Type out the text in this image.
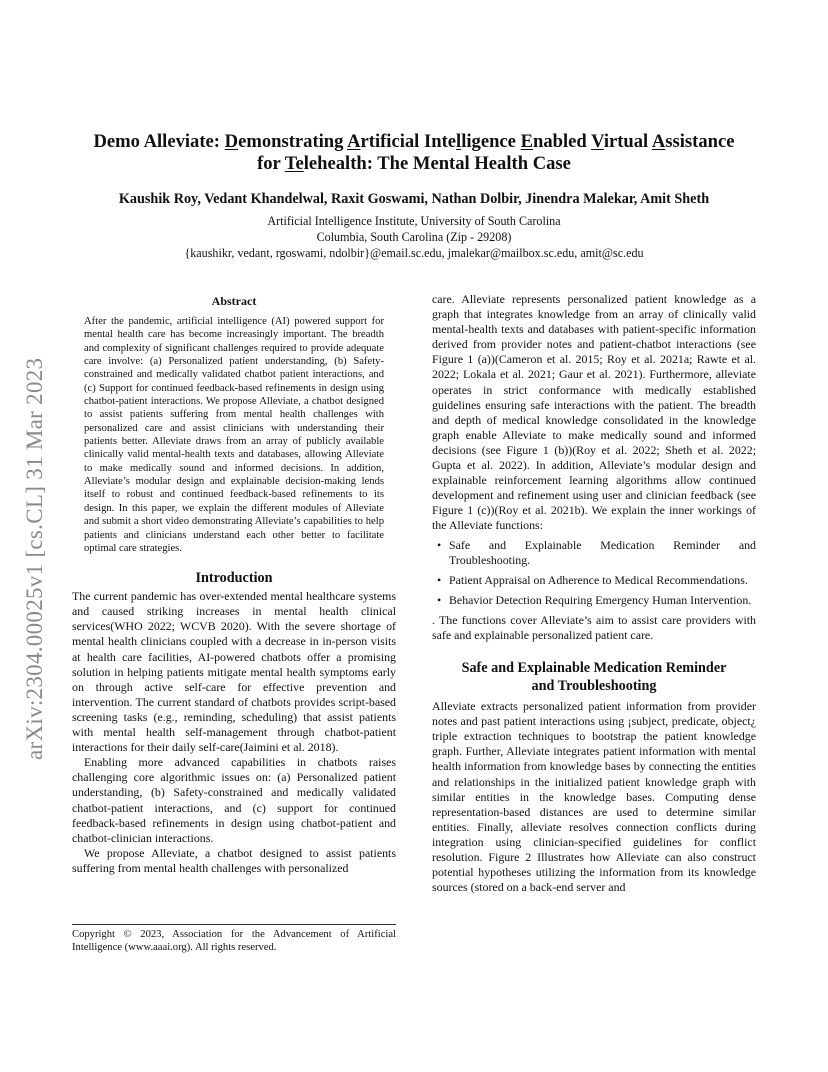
arXiv:2304.00025v1 [cs.CL] 31 Mar 2023
Demo Alleviate: Demonstrating Artificial Intelligence Enabled Virtual Assistance
for Telehealth: The Mental Health Case
Kaushik Roy, Vedant Khandelwal, Raxit Goswami, Nathan Dolbir, Jinendra Malekar, Amit Sheth
Artificial Intelligence Institute, University of South Carolina
Columbia, South Carolina (Zip - 29208)
{kaushikr, vedant, rgoswami, ndolbir}@email.sc.edu, jmalekar@mailbox.sc.edu, amit@sc.edu
Abstract

After the pandemic, artificial intelligence (AI) powered support for mental health care has become increasingly important. The breadth and complexity of significant challenges required to provide adequate care involve: (a) Personalized patient understanding, (b) Safety-constrained and medically validated chatbot patient interactions, and (c) Support for continued feedback-based refinements in design using chatbot-patient interactions. We propose Alleviate, a chatbot designed to assist patients suffering from mental health challenges with personalized care and assist clinicians with understanding their patients better. Alleviate draws from an array of publicly available clinically valid mental-health texts and databases, allowing Alleviate to make medically sound and informed decisions. In addition, Alleviate’s modular design and explainable decision-making lends itself to robust and continued feedback-based refinements to its design. In this paper, we explain the different modules of Alleviate and submit a short video demonstrating Alleviate’s capabilities to help patients and clinicians understand each other better to facilitate optimal care strategies.

Introduction

The current pandemic has over-extended mental healthcare systems and caused striking increases in mental health clinical services(WHO 2022; WCVB 2020). With the severe shortage of mental health clinicians coupled with a decrease in in-person visits at health care facilities, AI-powered chatbots offer a promising solution in helping patients mitigate mental health symptoms early on through active self-care for effective prevention and intervention. The current standard of chatbots provides script-based screening tasks (e.g., reminding, scheduling) that assist patients with mental health self-management through chatbot-patient interactions for their daily self-care(Jaimini et al. 2018).

Enabling more advanced capabilities in chatbots raises challenging core algorithmic issues on: (a) Personalized patient understanding, (b) Safety-constrained and medically validated chatbot-patient interactions, and (c) support for continued feedback-based refinements in design using chatbot-patient and chatbot-clinician interactions.

We propose Alleviate, a chatbot designed to assist patients suffering from mental health challenges with personalized

Copyright © 2023, Association for the Advancement of Artificial Intelligence (www.aaai.org). All rights reserved.

care. Alleviate represents personalized patient knowledge as a graph that integrates knowledge from an array of clinically valid mental-health texts and databases with patient-specific information derived from provider notes and patient-chatbot interactions (see Figure 1 (a))(Cameron et al. 2015; Roy et al. 2021a; Rawte et al. 2022; Lokala et al. 2021; Gaur et al. 2021). Furthermore, alleviate operates in strict conformance with medically established guidelines ensuring safe interactions with the patient. The breadth and depth of medical knowledge consolidated in the knowledge graph enable Alleviate to make medically sound and informed decisions (see Figure 1 (b))(Roy et al. 2022; Sheth et al. 2022; Gupta et al. 2022). In addition, Alleviate’s modular design and explainable reinforcement learning algorithms allow continued development and refinement using user and clinician feedback (see Figure 1 (c))(Roy et al. 2021b). We explain the inner workings of the Alleviate functions:

• Safe and Explainable Medication Reminder and Troubleshooting.
• Patient Appraisal on Adherence to Medical Recommendations.
• Behavior Detection Requiring Emergency Human Intervention.

. The functions cover Alleviate’s aim to assist care providers with safe and explainable personalized patient care.

Safe and Explainable Medication Reminder
and Troubleshooting

Alleviate extracts personalized patient information from provider notes and past patient interactions using ¡subject, predicate, object¿ triple extraction techniques to bootstrap the patient knowledge graph. Further, Alleviate integrates patient information with mental health information from knowledge bases by connecting the entities and relationships in the initialized patient knowledge graph with similar entities in the knowledge bases. Computing dense representation-based distances are used to determine similar entities. Finally, alleviate resolves connection conflicts during integration using clinician-specified guidelines for conflict resolution. Figure 2 Illustrates how Alleviate can also construct potential hypotheses utilizing the information from its knowledge sources (stored on a back-end server and
